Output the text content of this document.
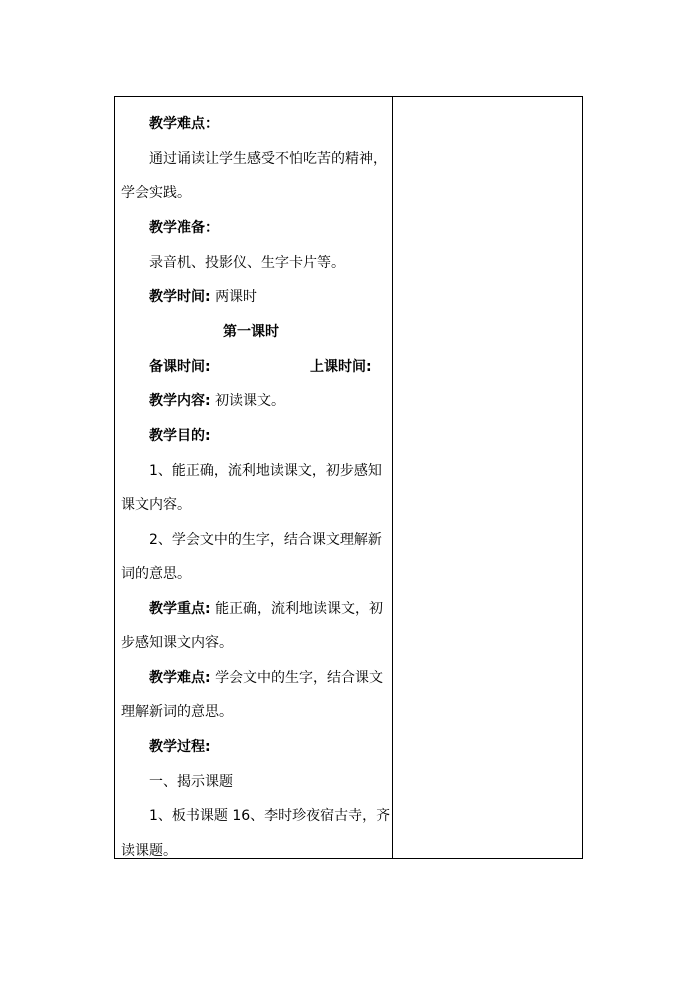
教学难点：
通过诵读让学生感受不怕吃苦的精神，
学会实践。
教学准备：
录音机、投影仪、生字卡片等。
教学时间: 两课时
第一课时
备课时间:	上课时间:
教学内容: 初读课文。
教学目的:
1、能正确，流利地读课文，初步感知
课文内容。
2、学会文中的生字，结合课文理解新
词的意思。
教学重点: 能正确，流利地读课文，初
步感知课文内容。
教学难点: 学会文中的生字，结合课文
理解新词的意思。
教学过程:
一、揭示课题
1、板书课题 16、李时珍夜宿古寺，齐
读课题。
